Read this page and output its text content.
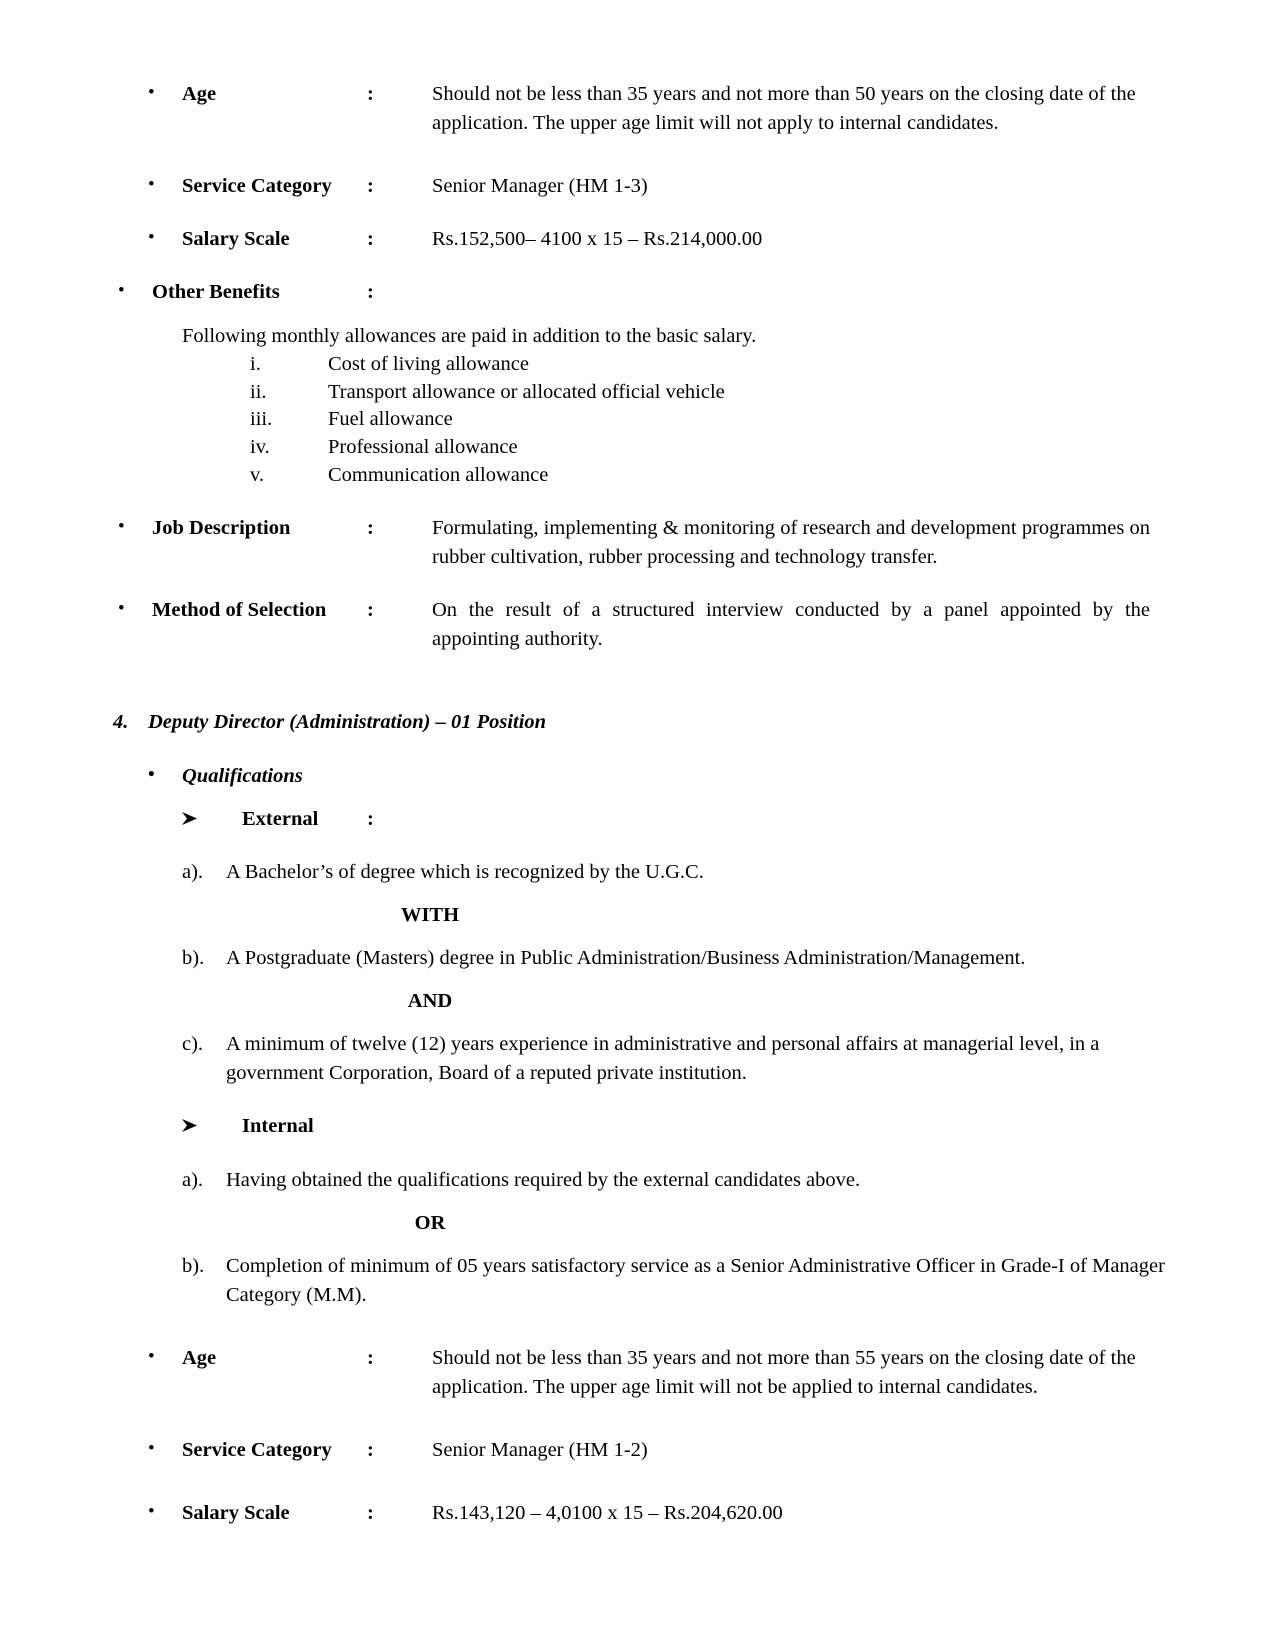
•
Age	:	Should not be less than 35 years and not more than 50 years on the closing date of the application. The upper age limit will not apply to internal candidates.
•
Service Category	:	Senior Manager (HM 1-3)
•
Salary Scale	:	Rs.152,500– 4100 x 15 – Rs.214,000.00
•
Other Benefits	:
Following monthly allowances are paid in addition to the basic salary.
i.	Cost of living allowance
ii.	Transport allowance or allocated official vehicle
iii.	Fuel allowance
iv.	Professional allowance
v.	Communication allowance
•
Job Description	:	Formulating, implementing & monitoring of research and development programmes on rubber cultivation, rubber processing and technology transfer.
•
Method of Selection	:	On the result of a structured interview conducted by a panel appointed by the appointing authority.
4. Deputy Director (Administration) – 01 Position
•
Qualifications
External	:
a).	A Bachelor’s of degree which is recognized by the U.G.C.
WITH
b).	A Postgraduate (Masters) degree in Public Administration/Business Administration/Management.
AND
c).	A minimum of twelve (12) years experience in administrative and personal affairs at managerial level, in a government Corporation, Board of a reputed private institution.
Internal
a).	Having obtained the qualifications required by the external candidates above.
OR
b).	Completion of minimum of 05 years satisfactory service as a Senior Administrative Officer in Grade-I of Manager Category (M.M).
•
Age	:	Should not be less than 35 years and not more than 55 years on the closing date of the application. The upper age limit will not be applied to internal candidates.
•
Service Category	:	Senior Manager (HM 1-2)
•
Salary Scale	:	Rs.143,120 – 4,0100 x 15 – Rs.204,620.00
